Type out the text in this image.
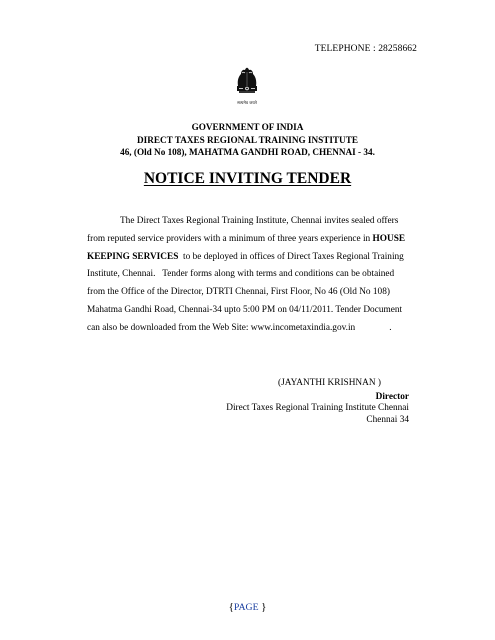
TELEPHONE : 28258662
सत्यमेव जयते
GOVERNMENT OF INDIA
DIRECT TAXES REGIONAL TRAINING INSTITUTE
46, (Old No 108), MAHATMA GANDHI ROAD, CHENNAI - 34.
NOTICE INVITING TENDER
The Direct Taxes Regional Training Institute, Chennai invites sealed offers
from reputed service providers with a minimum of three years experience in HOUSE
KEEPING SERVICES  to be deployed in offices of Direct Taxes Regional Training
Institute, Chennai.   Tender forms along with terms and conditions can be obtained
from the Office of the Director, DTRTI Chennai, First Floor, No 46 (Old No 108)
Mahatma Gandhi Road, Chennai-34 upto 5:00 PM on 04/11/2011. Tender Document
can also be downloaded from the Web Site: www.incometaxindia.gov.in	.
(JAYANTHI KRISHNAN )
Director
Direct Taxes Regional Training Institute Chennai
Chennai 34
{PAGE }
